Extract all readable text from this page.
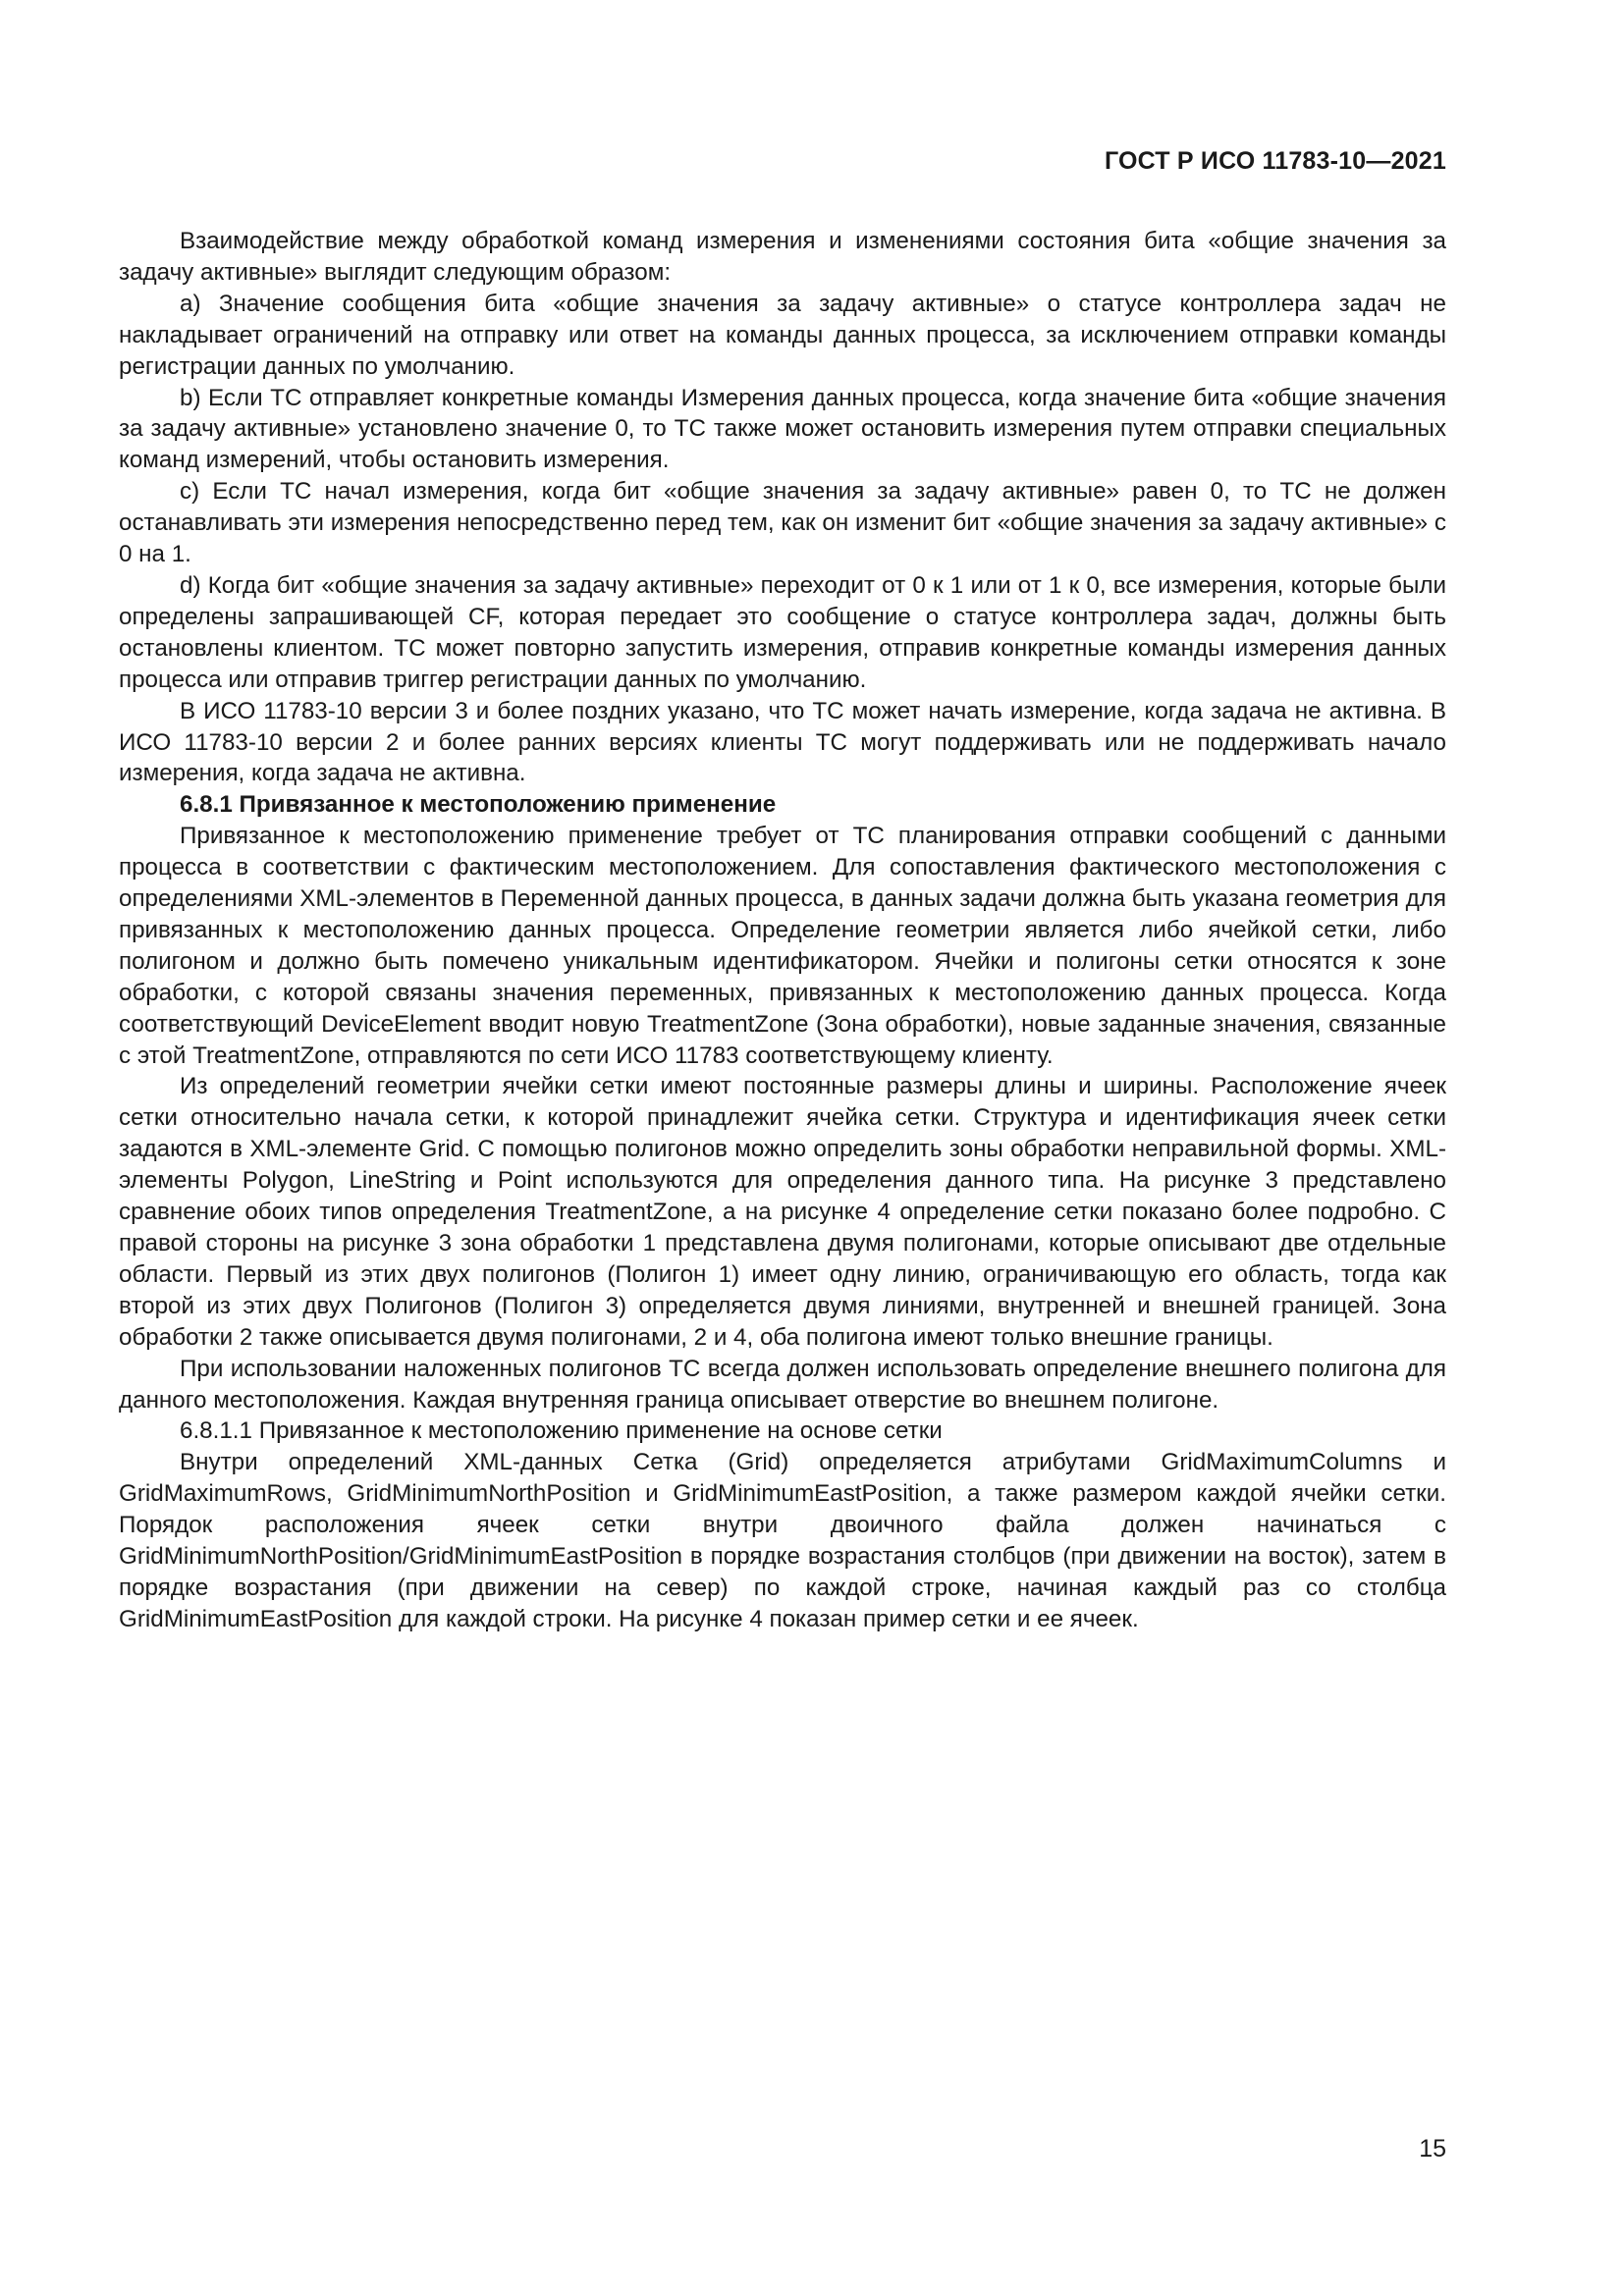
ГОСТ Р ИСО 11783-10—2021

Взаимодействие между обработкой команд измерения и изменениями состояния бита «общие значения за задачу активные» выглядит следующим образом:

a) Значение сообщения бита «общие значения за задачу активные» о статусе контроллера задач не накладывает ограничений на отправку или ответ на команды данных процесса, за исключением отправки команды регистрации данных по умолчанию.

b) Если ТС отправляет конкретные команды Измерения данных процесса, когда значение бита «общие значения за задачу активные» установлено значение 0, то ТС также может остановить измерения путем отправки специальных команд измерений, чтобы остановить измерения.

c) Если ТС начал измерения, когда бит «общие значения за задачу активные» равен 0, то ТС не должен останавливать эти измерения непосредственно перед тем, как он изменит бит «общие значения за задачу активные» с 0 на 1.

d) Когда бит «общие значения за задачу активные» переходит от 0 к 1 или от 1 к 0, все измерения, которые были определены запрашивающей CF, которая передает это сообщение о статусе контроллера задач, должны быть остановлены клиентом. ТС может повторно запустить измерения, отправив конкретные команды измерения данных процесса или отправив триггер регистрации данных по умолчанию.

В ИСО 11783-10 версии 3 и более поздних указано, что ТС может начать измерение, когда задача не активна. В ИСО 11783-10 версии 2 и более ранних версиях клиенты ТС могут поддерживать или не поддерживать начало измерения, когда задача не активна.

6.8.1 Привязанное к местоположению применение

Привязанное к местоположению применение требует от ТС планирования отправки сообщений с данными процесса в соответствии с фактическим местоположением. Для сопоставления фактического местоположения с определениями XML-элементов в Переменной данных процесса, в данных задачи должна быть указана геометрия для привязанных к местоположению данных процесса. Определение геометрии является либо ячейкой сетки, либо полигоном и должно быть помечено уникальным идентификатором. Ячейки и полигоны сетки относятся к зоне обработки, с которой связаны значения переменных, привязанных к местоположению данных процесса. Когда соответствующий DeviceElement вводит новую TreatmentZone (Зона обработки), новые заданные значения, связанные с этой TreatmentZone, отправляются по сети ИСО 11783 соответствующему клиенту.

Из определений геометрии ячейки сетки имеют постоянные размеры длины и ширины. Расположение ячеек сетки относительно начала сетки, к которой принадлежит ячейка сетки. Структура и идентификация ячеек сетки задаются в XML-элементе Grid. С помощью полигонов можно определить зоны обработки неправильной формы. XML-элементы Polygon, LineString и Point используются для определения данного типа. На рисунке 3 представлено сравнение обоих типов определения TreatmentZone, а на рисунке 4 определение сетки показано более подробно. С правой стороны на рисунке 3 зона обработки 1 представлена двумя полигонами, которые описывают две отдельные области. Первый из этих двух полигонов (Полигон 1) имеет одну линию, ограничивающую его область, тогда как второй из этих двух Полигонов (Полигон 3) определяется двумя линиями, внутренней и внешней границей. Зона обработки 2 также описывается двумя полигонами, 2 и 4, оба полигона имеют только внешние границы.

При использовании наложенных полигонов ТС всегда должен использовать определение внешнего полигона для данного местоположения. Каждая внутренняя граница описывает отверстие во внешнем полигоне.

6.8.1.1 Привязанное к местоположению применение на основе сетки

Внутри определений XML-данных Сетка (Grid) определяется атрибутами GridMaximumColumns и GridMaximumRows, GridMinimumNorthPosition и GridMinimumEastPosition, а также размером каждой ячейки сетки. Порядок расположения ячеек сетки внутри двоичного файла должен начинаться с GridMinimumNorthPosition/GridMinimumEastPosition в порядке возрастания столбцов (при движении на восток), затем в порядке возрастания (при движении на север) по каждой строке, начиная каждый раз со столбца GridMinimumEastPosition для каждой строки. На рисунке 4 показан пример сетки и ее ячеек.

15
